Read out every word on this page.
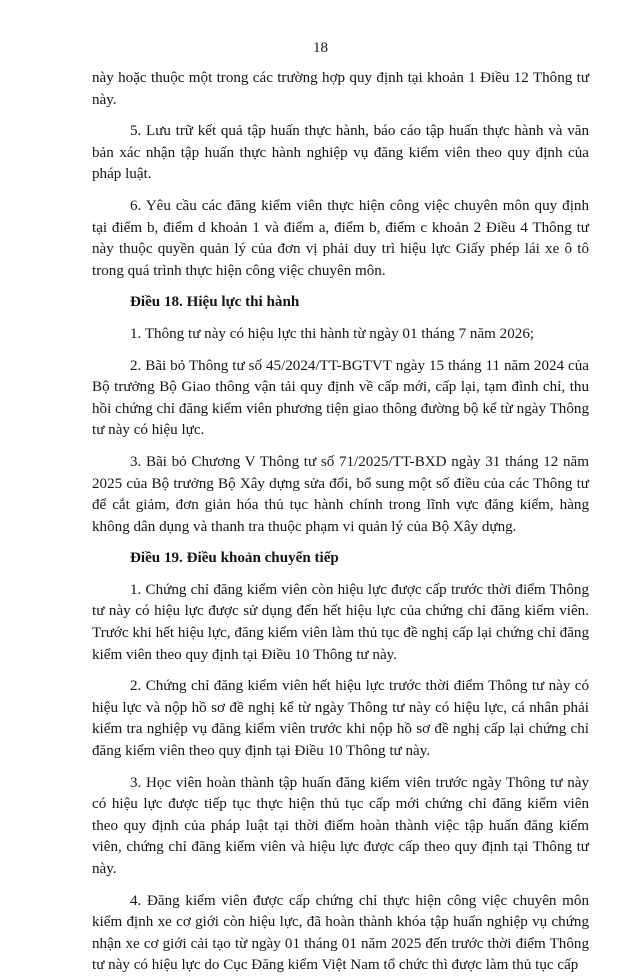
18

này hoặc thuộc một trong các trường hợp quy định tại khoản 1 Điều 12 Thông tư này.

5. Lưu trữ kết quả tập huấn thực hành, báo cáo tập huấn thực hành và văn bản xác nhận tập huấn thực hành nghiệp vụ đăng kiểm viên theo quy định của pháp luật.

6. Yêu cầu các đăng kiểm viên thực hiện công việc chuyên môn quy định tại điểm b, điểm d khoản 1 và điểm a, điểm b, điểm c khoản 2 Điều 4 Thông tư này thuộc quyền quản lý của đơn vị phải duy trì hiệu lực Giấy phép lái xe ô tô trong quá trình thực hiện công việc chuyên môn.

Điều 18. Hiệu lực thi hành

1. Thông tư này có hiệu lực thi hành từ ngày 01 tháng 7 năm 2026;

2. Bãi bỏ Thông tư số 45/2024/TT-BGTVT ngày 15 tháng 11 năm 2024 của Bộ trưởng Bộ Giao thông vận tải quy định về cấp mới, cấp lại, tạm đình chỉ, thu hồi chứng chỉ đăng kiểm viên phương tiện giao thông đường bộ kể từ ngày Thông tư này có hiệu lực.

3. Bãi bỏ Chương V Thông tư số 71/2025/TT-BXD ngày 31 tháng 12 năm 2025 của Bộ trưởng Bộ Xây dựng sửa đổi, bổ sung một số điều của các Thông tư để cắt giảm, đơn giản hóa thủ tục hành chính trong lĩnh vực đăng kiểm, hàng không dân dụng và thanh tra thuộc phạm vi quản lý của Bộ Xây dựng.

Điều 19. Điều khoản chuyển tiếp

1. Chứng chỉ đăng kiểm viên còn hiệu lực được cấp trước thời điểm Thông tư này có hiệu lực được sử dụng đến hết hiệu lực của chứng chỉ đăng kiểm viên. Trước khi hết hiệu lực, đăng kiểm viên làm thủ tục đề nghị cấp lại chứng chỉ đăng kiểm viên theo quy định tại Điều 10 Thông tư này.

2. Chứng chỉ đăng kiểm viên hết hiệu lực trước thời điểm Thông tư này có hiệu lực và nộp hồ sơ đề nghị kể từ ngày Thông tư này có hiệu lực, cá nhân phải kiểm tra nghiệp vụ đăng kiểm viên trước khi nộp hồ sơ đề nghị cấp lại chứng chỉ đăng kiểm viên theo quy định tại Điều 10 Thông tư này.

3. Học viên hoàn thành tập huấn đăng kiểm viên trước ngày Thông tư này có hiệu lực được tiếp tục thực hiện thủ tục cấp mới chứng chỉ đăng kiểm viên theo quy định của pháp luật tại thời điểm hoàn thành việc tập huấn đăng kiểm viên, chứng chỉ đăng kiểm viên và hiệu lực được cấp theo quy định tại Thông tư này.

4. Đăng kiểm viên được cấp chứng chỉ thực hiện công việc chuyên môn kiểm định xe cơ giới còn hiệu lực, đã hoàn thành khóa tập huấn nghiệp vụ chứng nhận xe cơ giới cải tạo từ ngày 01 tháng 01 năm 2025 đến trước thời điểm Thông tư này có hiệu lực do Cục Đăng kiểm Việt Nam tổ chức thì được làm thủ tục cấp
